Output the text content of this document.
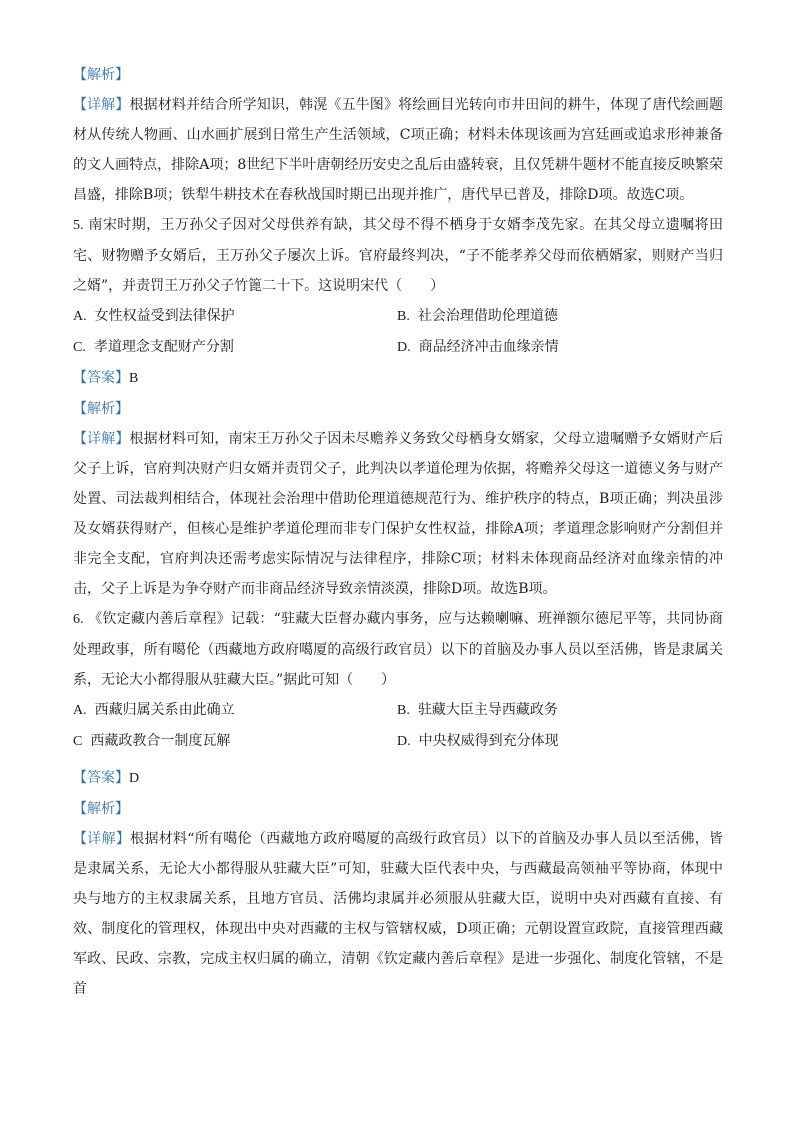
【解析】

【详解】根据材料并结合所学知识，韩滉《五牛图》将绘画目光转向市井田间的耕牛，体现了唐代绘画题材从传统人物画、山水画扩展到日常生产生活领域，C项正确；材料未体现该画为宫廷画或追求形神兼备的文人画特点，排除A项；8世纪下半叶唐朝经历安史之乱后由盛转衰，且仅凭耕牛题材不能直接反映繁荣昌盛，排除B项；铁犁牛耕技术在春秋战国时期已出现并推广，唐代早已普及，排除D项。故选C项。

5. 南宋时期，王万孙父子因对父母供养有缺，其父母不得不栖身于女婿李茂先家。在其父母立遗嘱将田宅、财物赠予女婿后，王万孙父子屡次上诉。官府最终判决，“子不能孝养父母而依栖婿家，则财产当归之婿”，并责罚王万孙父子竹篦二十下。这说明宋代（　　）

A. 女性权益受到法律保护	B. 社会治理借助伦理道德

C. 孝道理念支配财产分割	D. 商品经济冲击血缘亲情

【答案】B

【解析】

【详解】根据材料可知，南宋王万孙父子因未尽赡养义务致父母栖身女婿家，父母立遗嘱赠予女婿财产后父子上诉，官府判决财产归女婿并责罚父子，此判决以孝道伦理为依据，将赡养父母这一道德义务与财产处置、司法裁判相结合，体现社会治理中借助伦理道德规范行为、维护秩序的特点，B项正确；判决虽涉及女婿获得财产，但核心是维护孝道伦理而非专门保护女性权益，排除A项；孝道理念影响财产分割但并非完全支配，官府判决还需考虑实际情况与法律程序，排除C项；材料未体现商品经济对血缘亲情的冲击，父子上诉是为争夺财产而非商品经济导致亲情淡漠，排除D项。故选B项。

6. 《钦定藏内善后章程》记载：“驻藏大臣督办藏内事务，应与达赖喇嘛、班禅额尔德尼平等，共同协商处理政事，所有噶伦（西藏地方政府噶厦的高级行政官员）以下的首脑及办事人员以至活佛，皆是隶属关系，无论大小都得服从驻藏大臣。”据此可知（　　）

A. 西藏归属关系由此确立	B. 驻藏大臣主导西藏政务

C 西藏政教合一制度瓦解	D. 中央权威得到充分体现

【答案】D

【解析】

【详解】根据材料“所有噶伦（西藏地方政府噶厦的高级行政官员）以下的首脑及办事人员以至活佛，皆是隶属关系，无论大小都得服从驻藏大臣”可知，驻藏大臣代表中央，与西藏最高领袖平等协商，体现中央与地方的主权隶属关系，且地方官员、活佛均隶属并必须服从驻藏大臣，说明中央对西藏有直接、有效、制度化的管理权，体现出中央对西藏的主权与管辖权威，D项正确；元朝设置宣政院，直接管理西藏军政、民政、宗教，完成主权归属的确立，清朝《钦定藏内善后章程》是进一步强化、制度化管辖，不是首
